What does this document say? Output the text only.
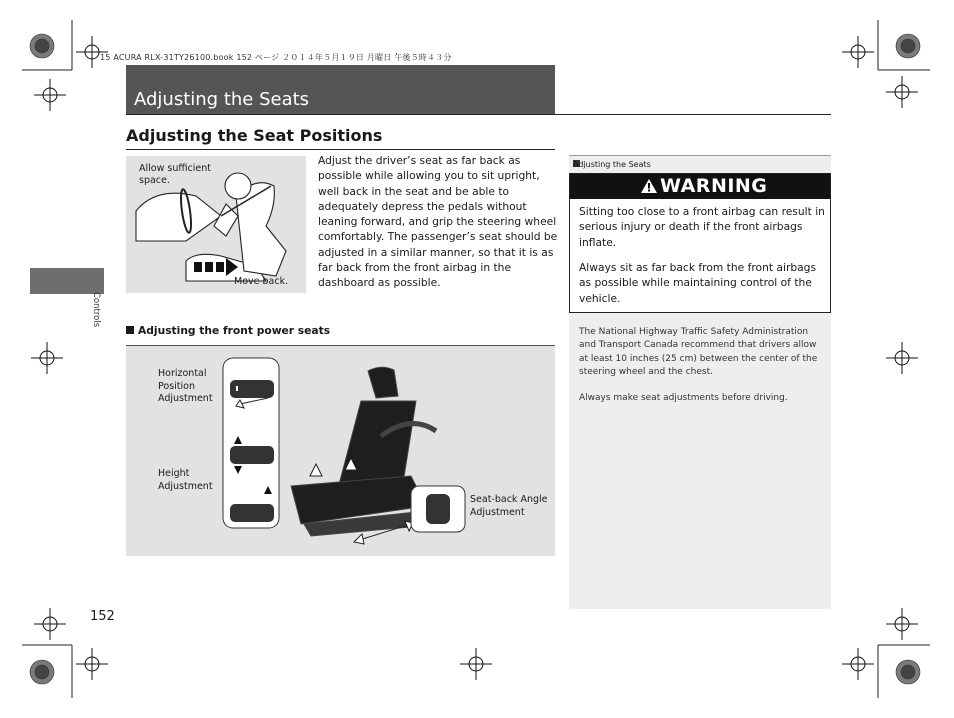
15 ACURA RLX-31TY26100.book 152 ページ ２０１４年５月１９日 月曜日 午後５時４３分
Adjusting the Seats
Adjusting the Seat Positions
Controls
152
Allow sufficient space.
Move back.

Adjust the driver’s seat as far back as possible while allowing you to sit upright, well back in the seat and be able to adequately depress the pedals without leaning forward, and grip the steering wheel comfortably. The passenger’s seat should be adjusted in a similar manner, so that it is as far back from the front airbag in the dashboard as possible.

Adjusting the front power seats
Horizontal
Position
Adjustment
Height
Adjustment
Seat-back Angle
Adjustment
Adjusting the Seats
WARNING

Sitting too close to a front airbag can result in serious injury or death if the front airbags inflate.

Always sit as far back from the front airbags as possible while maintaining control of the vehicle.

The National Highway Traffic Safety Administration and Transport Canada recommend that drivers allow at least 10 inches (25 cm) between the center of the steering wheel and the chest.

Always make seat adjustments before driving.
